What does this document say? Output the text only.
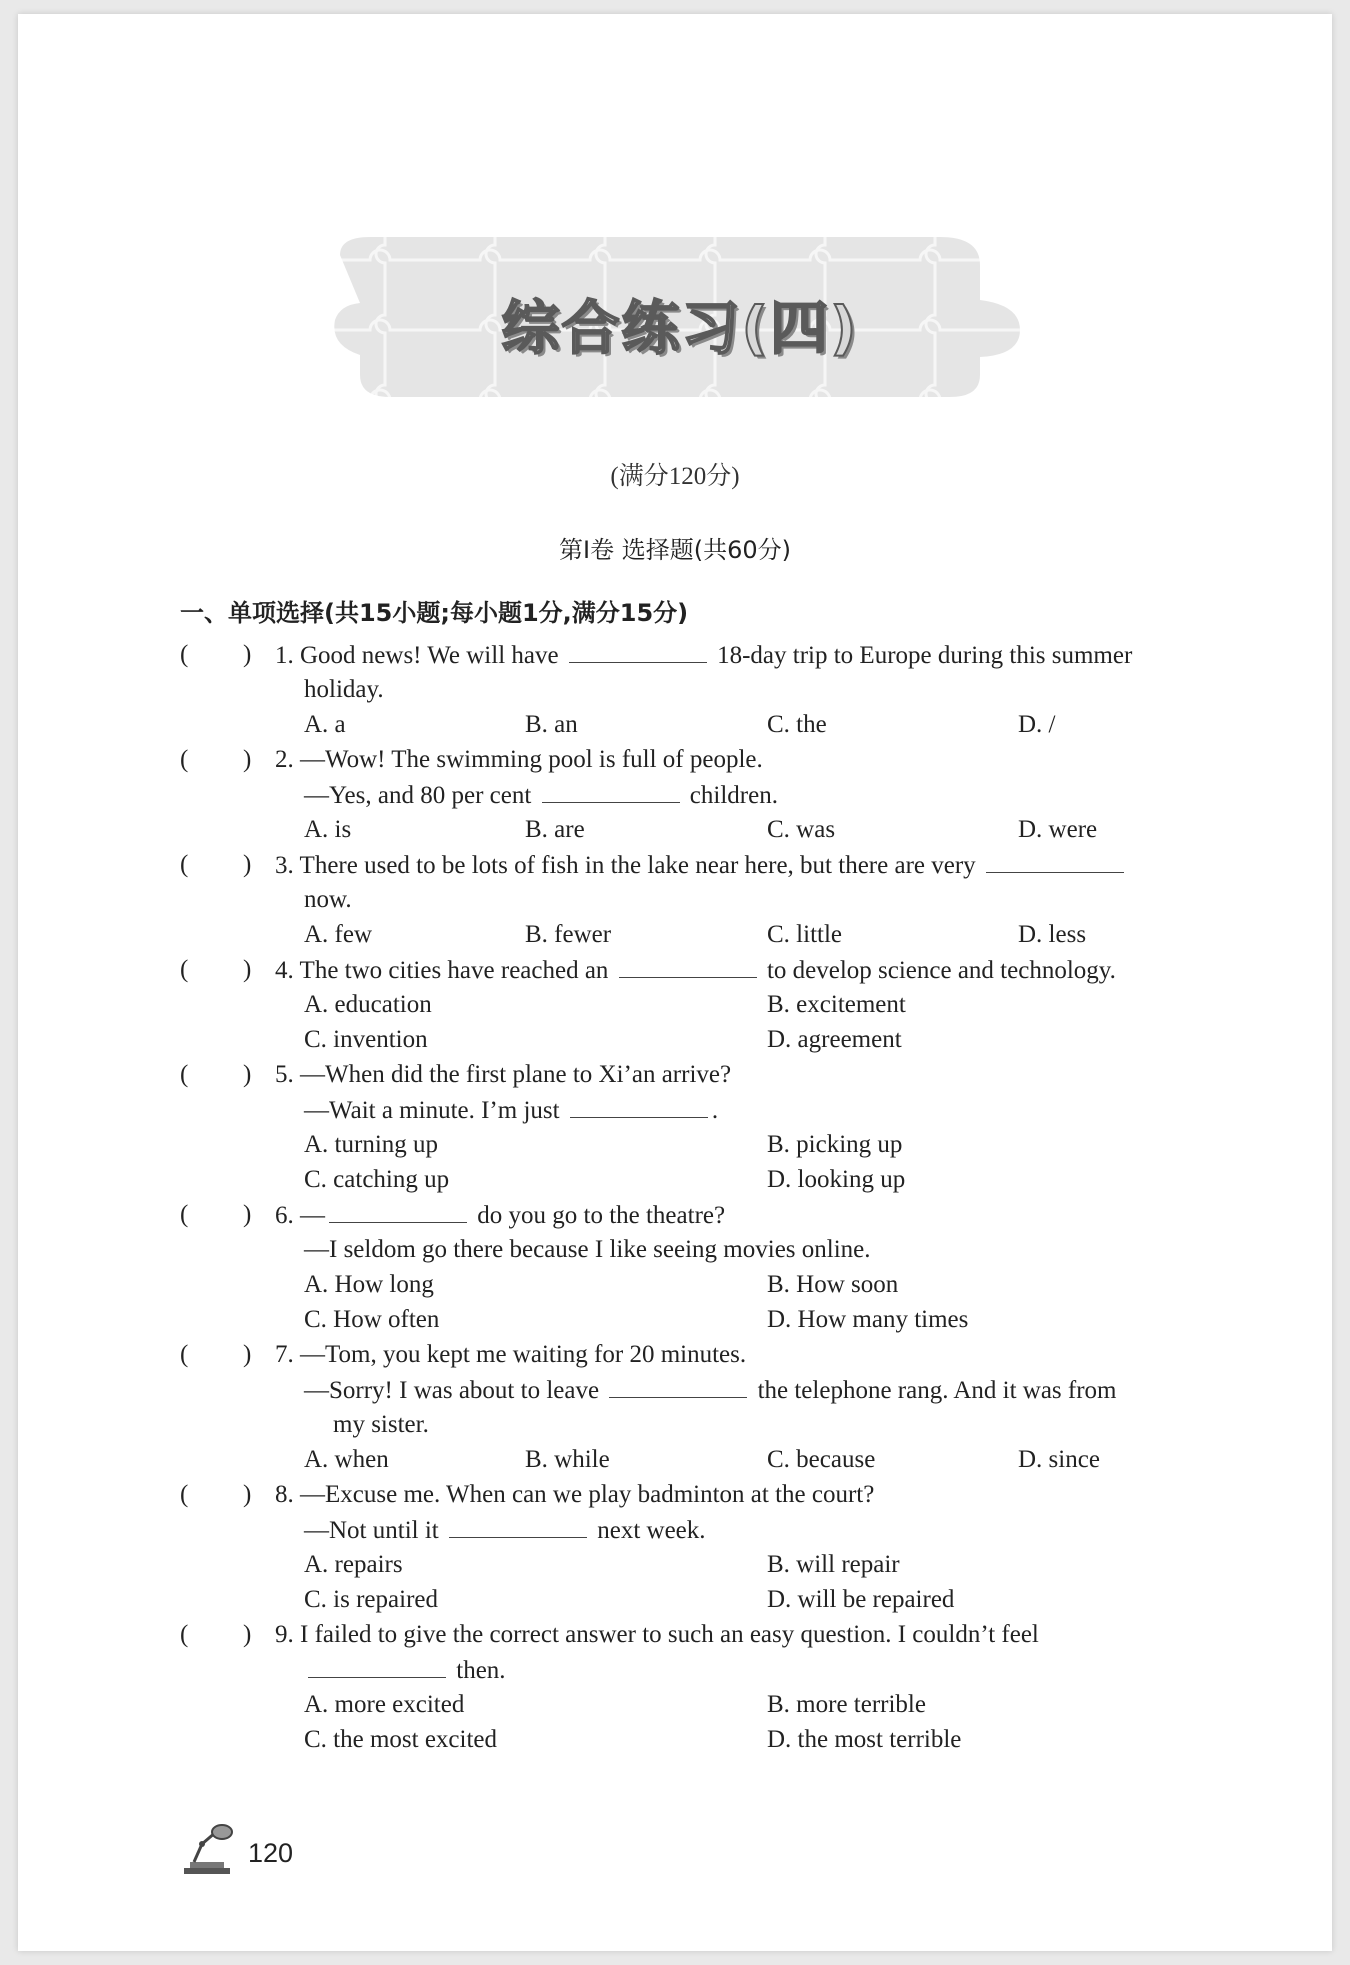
综合练习(四)
(满分120分)
第Ⅰ卷 选择题(共60分)
一、单项选择(共15小题;每小题1分,满分15分)
( ) 1. Good news! We will have	18-day trip to Europe during this summer
holiday.
A. a	B. an	C. the	D. /
( ) 2. —Wow! The swimming pool is full of people.
—Yes, and 80 per cent	children.
A. is	B. are	C. was	D. were
( ) 3. There used to be lots of fish in the lake near here, but there are very
now.
A. few	B. fewer	C. little	D. less
( ) 4. The two cities have reached an	to develop science and technology.
A. education	B. excitement
C. invention	D. agreement
( ) 5. —When did the first plane to Xi’an arrive?
—Wait a minute. I’m just	.
A. turning up	B. picking up
C. catching up	D. looking up
( ) 6. —	do you go to the theatre?
—I seldom go there because I like seeing movies online.
A. How long	B. How soon
C. How often	D. How many times
( ) 7. —Tom, you kept me waiting for 20 minutes.
—Sorry! I was about to leave	the telephone rang. And it was from
my sister.
A. when	B. while	C. because	D. since
( ) 8. —Excuse me. When can we play badminton at the court?
—Not until it	next week.
A. repairs	B. will repair
C. is repaired	D. will be repaired
( ) 9. I failed to give the correct answer to such an easy question. I couldn’t feel
then.
A. more excited	B. more terrible
C. the most excited	D. the most terrible
120
